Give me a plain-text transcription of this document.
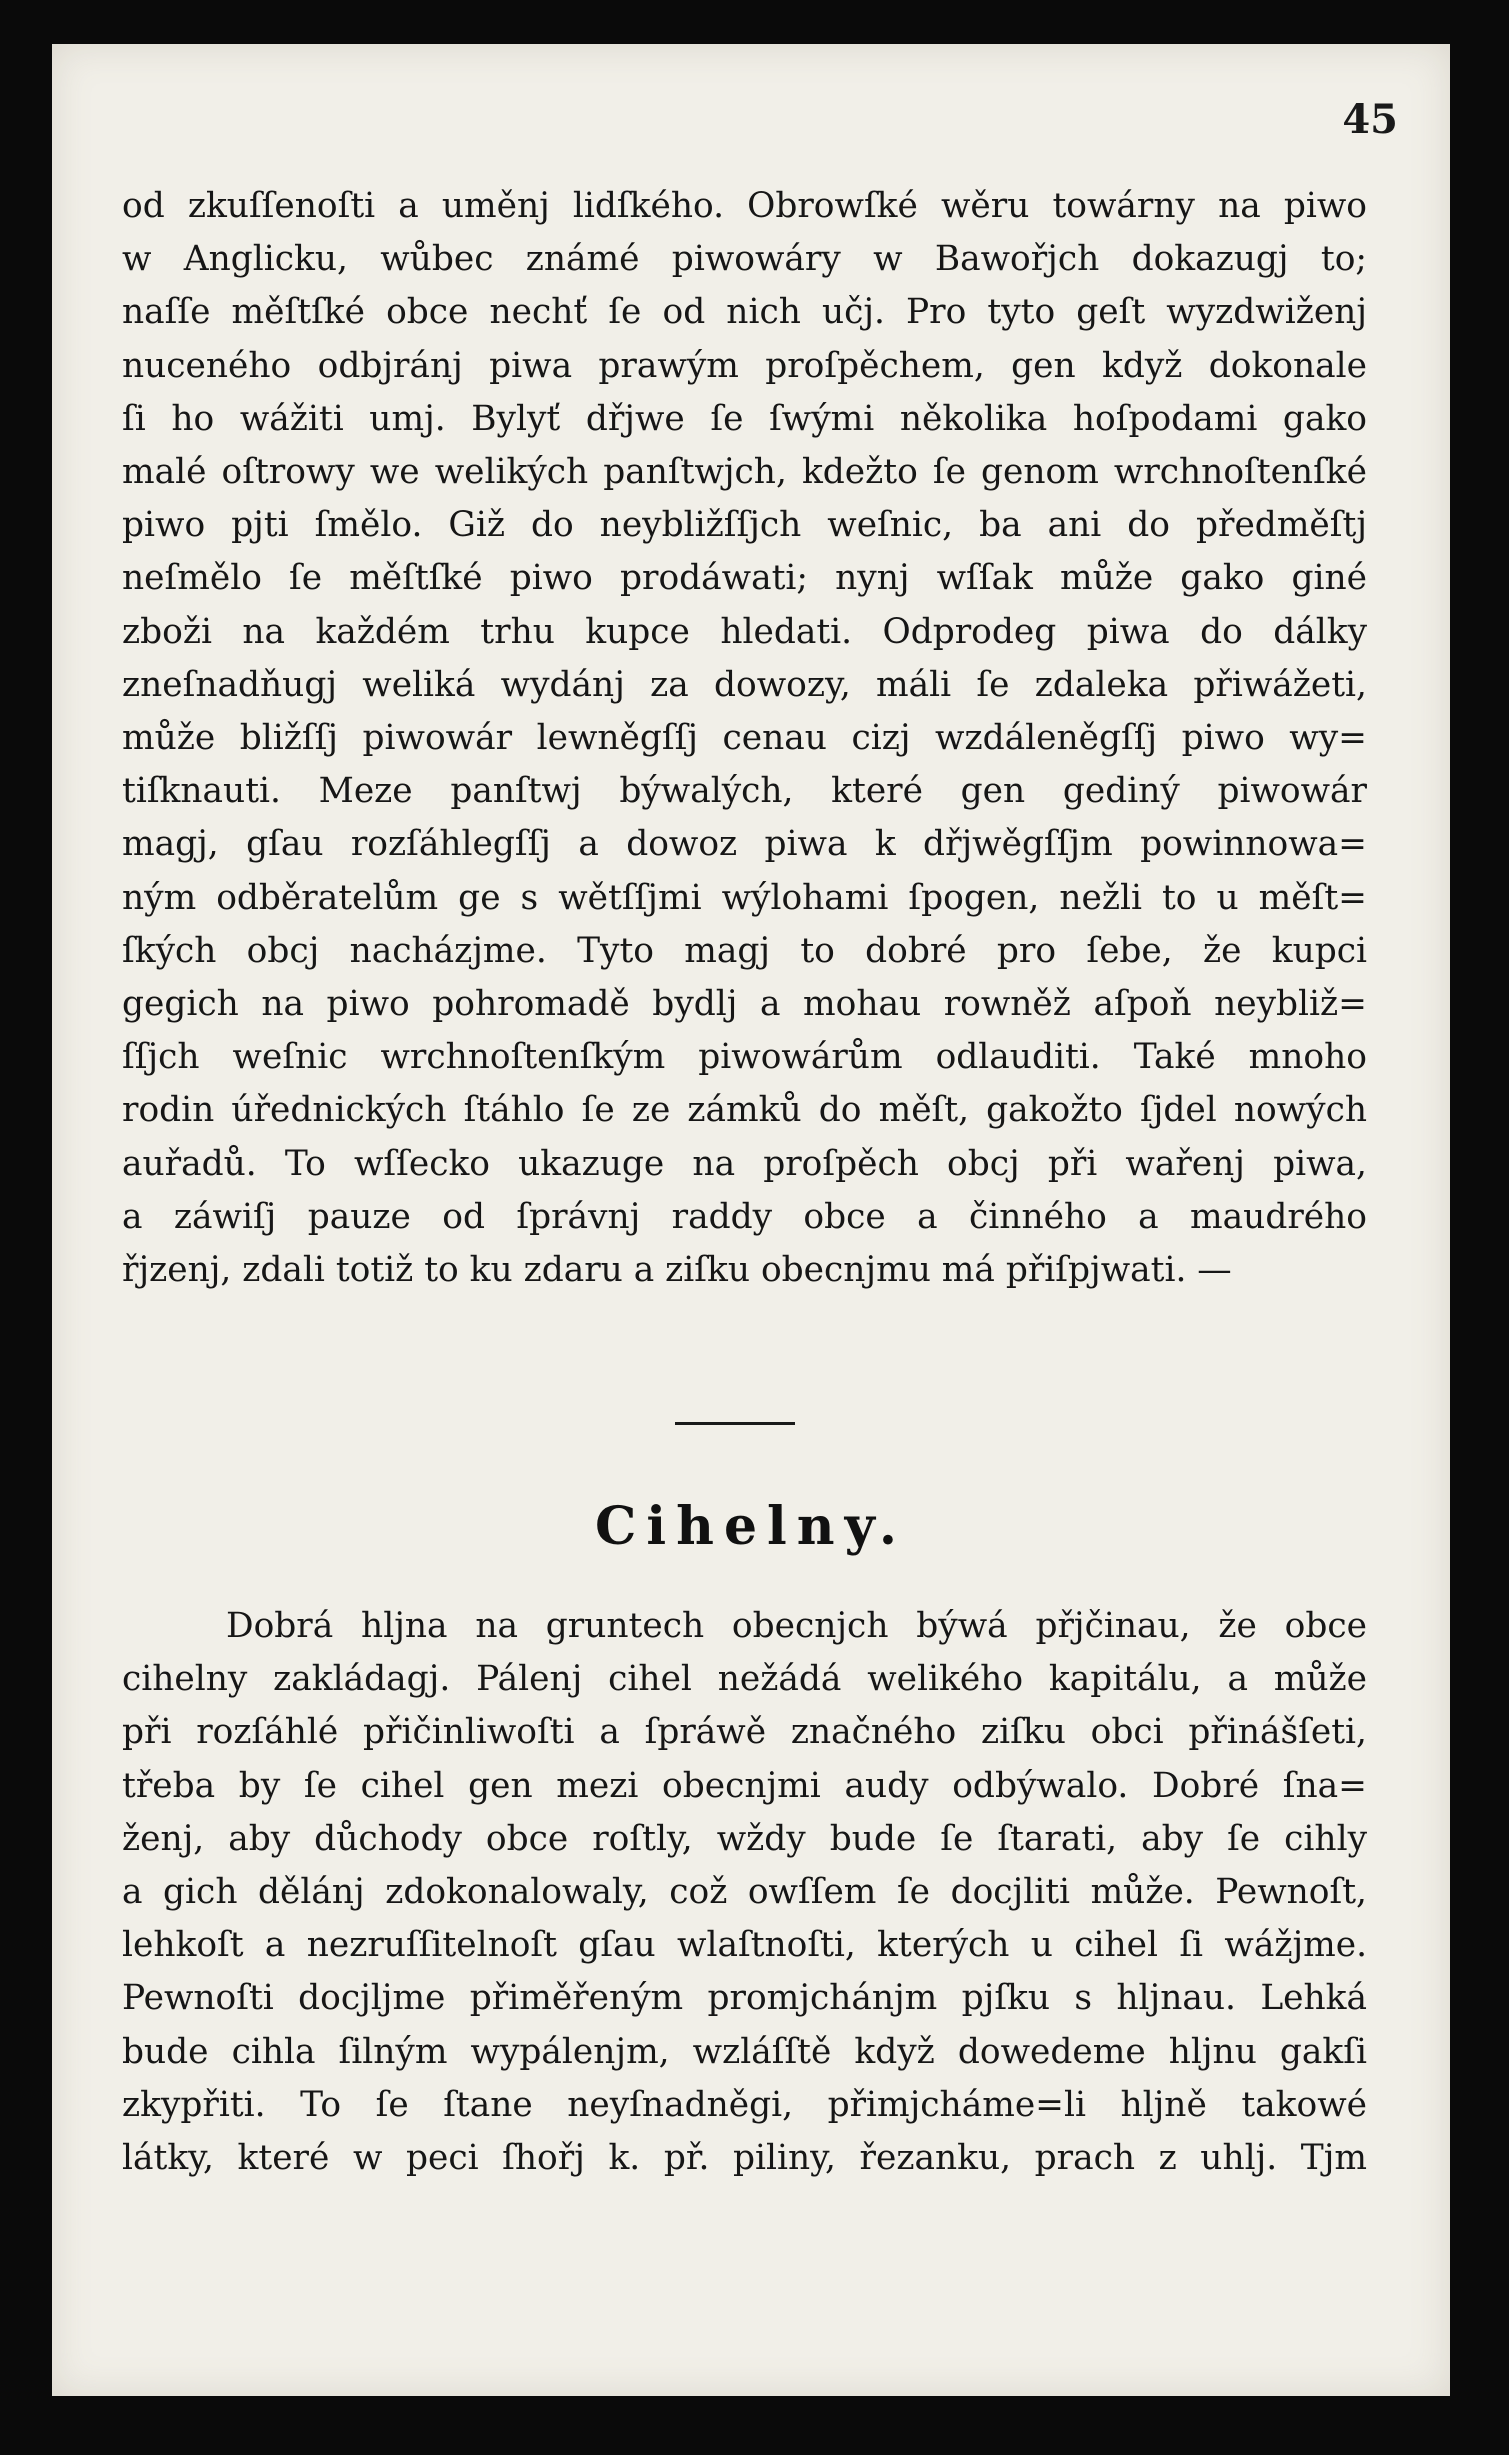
45
od zkuſſenoſti a uměnj lidſkého. Obrowſké wěru towárny na piwo
w Anglicku, wůbec známé piwowáry w Bawořjch dokazugj to;
naſſe měſtſké obce nechť ſe od nich učj. Pro tyto geſt wyzdwiženj
nuceného odbjránj piwa prawým proſpěchem, gen když dokonale
ſi ho wážiti umj. Bylyť dřjwe ſe ſwými několika hoſpodami gako
malé oſtrowy we welikých panſtwjch, kdežto ſe genom wrchnoſtenſké
piwo pjti ſmělo. Giž do neybližſſjch weſnic, ba ani do předměſtj
neſmělo ſe měſtſké piwo prodáwati; nynj wſſak může gako giné
zboži na každém trhu kupce hledati. Odprodeg piwa do dálky
zneſnadňugj weliká wydánj za dowozy, máli ſe zdaleka přiwážeti,
může bližſſj piwowár lewněgſſj cenau cizj wzdáleněgſſj piwo wy=
tiſknauti. Meze panſtwj býwalých, které gen gediný piwowár
magj, gſau rozſáhlegſſj a dowoz piwa k dřjwěgſſjm powinnowa=
ným odběratelům ge s wětſſjmi wýlohami ſpogen, nežli to u měſt=
ſkých obcj nacházjme. Tyto magj to dobré pro ſebe, že kupci
gegich na piwo pohromadě bydlj a mohau rowněž aſpoň neybliž=
ſſjch weſnic wrchnoſtenſkým piwowárům odlauditi. Také mnoho
rodin úřednických ſtáhlo ſe ze zámků do měſt, gakožto ſjdel nowých
auřadů. To wſſecko ukazuge na proſpěch obcj při wařenj piwa,
a záwiſj pauze od ſprávnj raddy obce a činného a maudrého
řjzenj, zdali totiž to ku zdaru a ziſku obecnjmu má přiſpjwati. —
Cihelny.
Dobrá hljna na gruntech obecnjch býwá přjčinau, že obce
cihelny zakládagj. Pálenj cihel nežádá welikého kapitálu, a může
při rozſáhlé přičinliwoſti a ſpráwě značného ziſku obci přinášſeti,
třeba by ſe cihel gen mezi obecnjmi audy odbýwalo. Dobré ſna=
ženj, aby důchody obce roſtly, wždy bude ſe ſtarati, aby ſe cihly
a gich dělánj zdokonalowaly, což owſſem ſe docjliti může. Pewnoſt,
lehkoſt a nezruſſitelnoſt gſau wlaſtnoſti, kterých u cihel ſi wážjme.
Pewnoſti docjljme přiměřeným promjchánjm pjſku s hljnau. Lehká
bude cihla ſilným wypálenjm, wzláſſtě když dowedeme hljnu gakſi
zkypřiti. To ſe ſtane neyſnadněgi, přimjcháme=li hljně takowé
látky, které w peci ſhořj k. př. piliny, řezanku, prach z uhlj. Tjm
